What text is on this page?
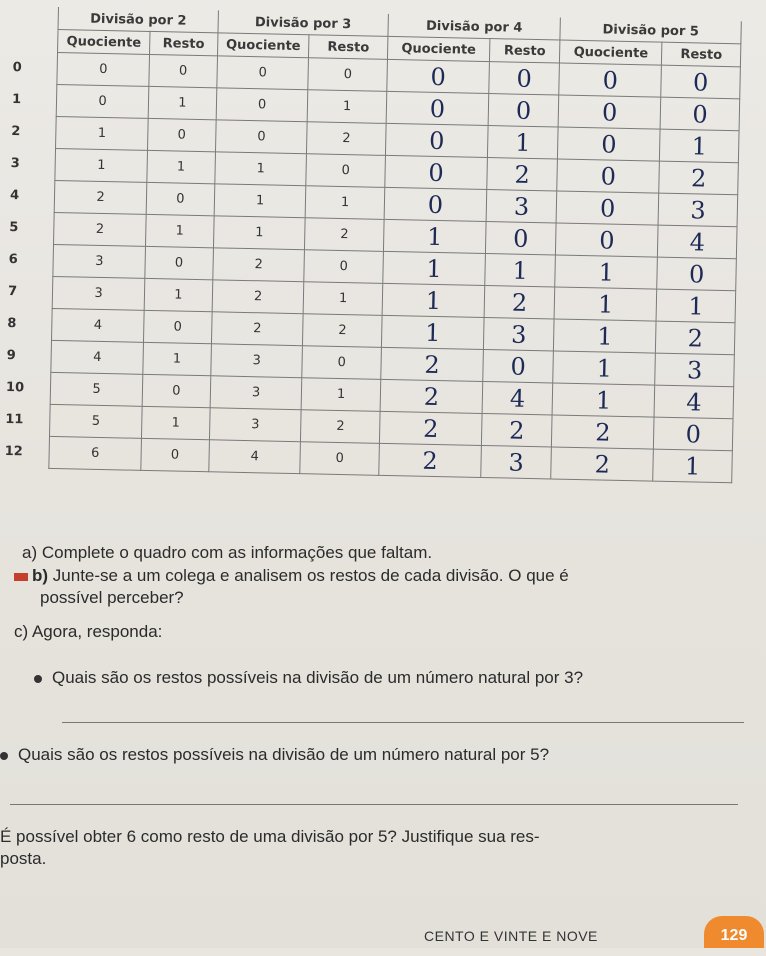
	Divisão por 2		Divisão por 3		Divisão por 4		Divisão por 5	
	Quociente	Resto	Quociente	Resto	Quociente	Resto	Quociente	Resto
0	0	0	0	0	0	0	0	0
1	0	1	0	1	0	0	0	0
2	1	0	0	2	0	1	0	1
3	1	1	1	0	0	2	0	2
4	2	0	1	1	0	3	0	3
5	2	1	1	2	1	0	0	4
6	3	0	2	0	1	1	1	0
7	3	1	2	1	1	2	1	1
8	4	0	2	2	1	3	1	2
9	4	1	3	0	2	0	1	3
10	5	0	3	1	2	4	1	4
11	5	1	3	2	2	2	2	0
12	6	0	4	0	2	3	2	1
a) Complete o quadro com as informações que faltam.
b) Junte-se a um colega e analisem os restos de cada divisão. O que é
possível perceber?
c) Agora, responda:
Quais são os restos possíveis na divisão de um número natural por 3?
Quais são os restos possíveis na divisão de um número natural por 5?
É possível obter 6 como resto de uma divisão por 5? Justifique sua res-
posta.
CENTO E VINTE E NOVE	129
